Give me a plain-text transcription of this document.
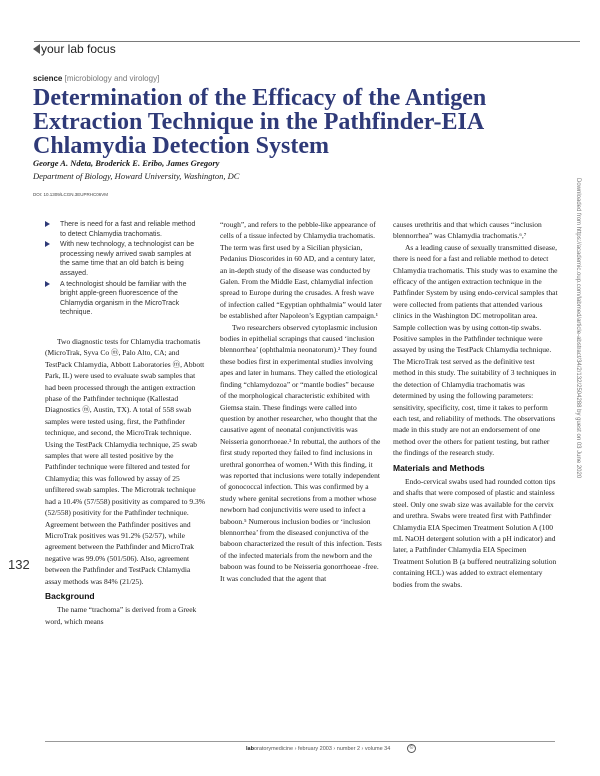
your lab focus
science [microbiology and virology]
Determination of the Efficacy of the Antigen Extraction Technique in the Pathfinder-EIA Chlamydia Detection System
George A. Ndeta, Broderick E. Eribo, James Gregory
Department of Biology, Howard University, Washington, DC
DOI: 10.1309/LCGN.3EUPRHC06VM
There is need for a fast and reliable method to detect Chlamydia trachomatis.
With new technology, a technologist can be processing newly arrived swab samples at the same time that an old batch is being assayed.
A technologist should be familiar with the bright apple-green fluorescence of the Chlamydia organism in the MicroTrack technique.

Two diagnostic tests for Chlamydia trachomatis (MicroTrak, Syva Co ⓜ, Palo Alto, CA; and TestPack Chlamydia, Abbott Laboratories ⓜ, Abbott Park, IL) were used to evaluate swab samples that had been processed through the antigen extraction phase of the Pathfinder technique (Kallestad Diagnostics ⓜ, Austin, TX). A total of 558 swab samples were tested using, first, the Pathfinder technique, and second, the MicroTrak technique. Using the TestPack Chlamydia technique, 25 swab samples that were all tested positive by the Pathfinder technique were filtered and tested for Chlamydia; this was followed by assay of 25 unfiltered swab samples. The Microtrak technique had a 10.4% (57/558) positivity as compared to 9.3% (52/558) positivity for the Pathfinder technique. Agreement between the Pathfinder positives and MicroTrak positives was 91.2% (52/57), while agreement between the Pathfinder and MicroTrak negative was 99.0% (501/506). Also, agreement between the Pathfinder and TestPack Chlamydia assay methods was 84% (21/25).

Background

The name “trachoma” is derived from a Greek word, which means

“rough”, and refers to the pebble-like appearance of cells of a tissue infected by Chlamydia trachomatis. The term was first used by a Sicilian physician, Pedanius Dioscorides in 60 AD, and a century later, an in-depth study of the disease was conducted by Galen. From the Middle East, chlamydial infection spread to Europe during the crusades. A fresh wave of infection called “Egyptian ophthalmia” would later be established after Napoleon’s Egyptian campaign.¹

Two researchers observed cytoplasmic inclusion bodies in epithelial scrapings that caused ‘inclusion blennorrhea’ (ophthalmia neonatorum).² They found these bodies first in experimental studies involving apes and later in humans. They called the etiological finding “chlamydozoa” or “mantle bodies” because of the morphological characteristic exhibited with Giemsa stain. These findings were called into question by another researcher, who thought that the causative agent of neonatal conjunctivitis was Neisseria gonorrhoeae.³ In rebuttal, the authors of the first study reported they failed to find inclusions in urethral gonorrhea of women.⁴ With this finding, it was reported that inclusions were totally independent of gonococcal infection. This was confirmed by a study where genital secretions from a mother whose newborn had conjunctivitis were used to infect a baboon.⁵ Numerous inclusion bodies or ‘inclusion blennorrhea’ from the diseased conjunctiva of the baboon characterized the result of this infection. Tests of the infected materials from the newborn and the baboon was found to be Neisseria gonorrhoeae -free. It was concluded that the agent that

causes urethritis and that which causes “inclusion blennorrhea” was Chlamydia trachomatis.⁶,⁷

As a leading cause of sexually transmitted disease, there is need for a fast and reliable method to detect Chlamydia trachomatis. This study was to examine the efficacy of the antigen extraction technique in the Pathfinder System by using endo-cervical samples that were collected from patients that attended various clinics in the Washington DC metropolitan area. Sample collection was by using cotton-tip swabs. Positive samples in the Pathfinder technique were assayed by using the TestPack Chlamydia technique. The MicroTrak test served as the definitive test method in this study. The suitability of 3 techniques in the detection of Chlamydia trachomatis was determined by using the following parameters: sensitivity, specificity, cost, time it takes to perform each test, and reliability of methods. The observations made in this study are not an endorsement of one method over the others for patient testing, but rather the findings of the research study.

Materials and Methods

Endo-cervical swabs used had rounded cotton tips and shafts that were composed of plastic and stainless steel. Only one swab size was available for the cervix and urethra. Swabs were treated first with Pathfinder Chlamydia EIA Specimen Treatment Solution A (100 mL NaOH detergent solution with a pH indicator) and later, a Pathfinder Chlamydia EIA Specimen Treatment Solution B (a buffered neutralizing solution containing HCL) was added to extract elementary bodies from the swabs.

132
Downloaded from https://academic.oup.com/labmed/article-abstract/34/2/132/2504288 by guest on 03 June 2020
laboratorymedicine › february 2003 › number 2 › volume 34	©
